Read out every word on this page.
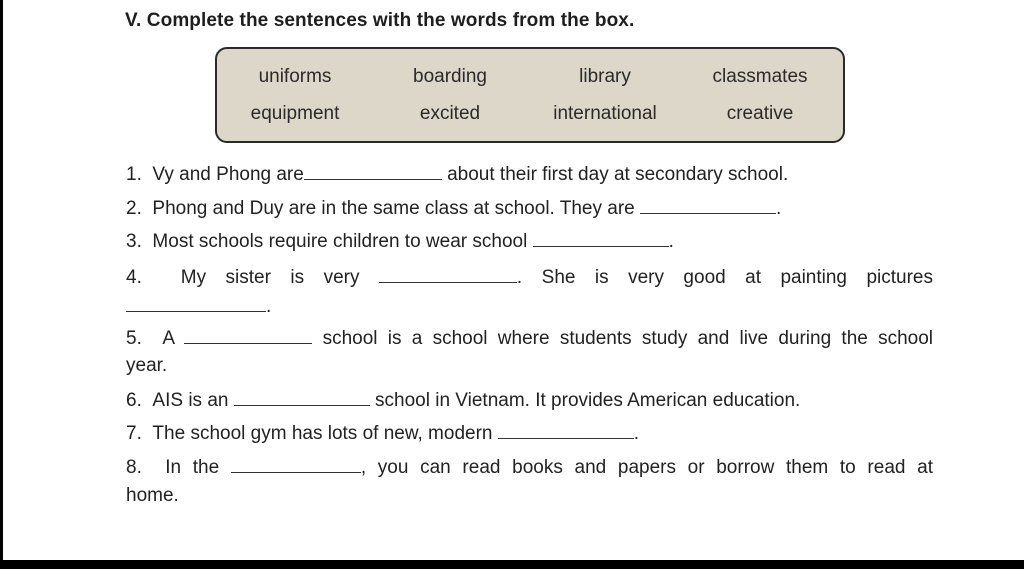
V. Complete the sentences with the words from the box.
uniforms	boarding	library	classmates
equipment	excited	international	creative
1. Vy and Phong are	about their first day at secondary school.
2. Phong and Duy are in the same class at school. They are	.
3. Most schools require children to wear school	.
4. My sister is very	. She is very good at painting pictures
.
5. A	school is a school where students study and live during the school
year.
6. AIS is an	school in Vietnam. It provides American education.
7. The school gym has lots of new, modern	.
8. In the	, you can read books and papers or borrow them to read at
home.
